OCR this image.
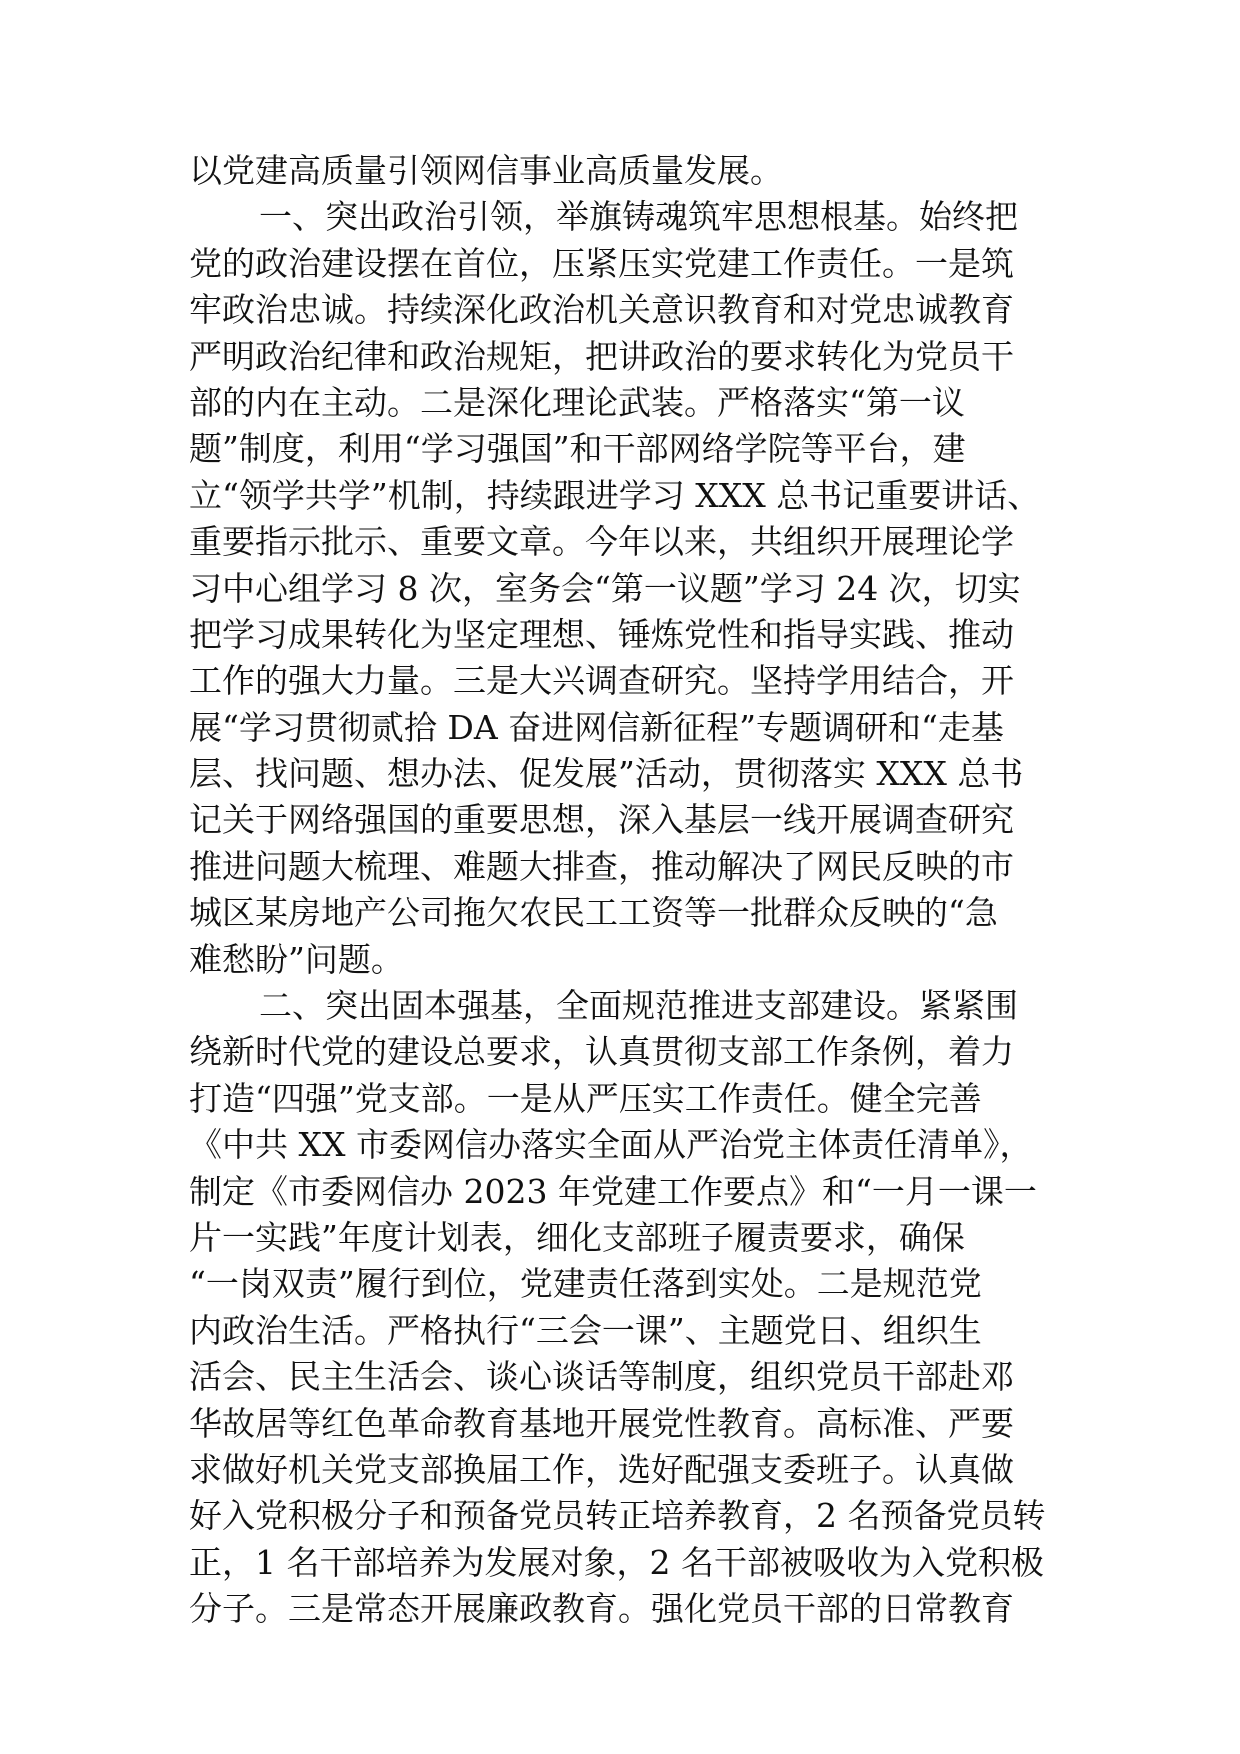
以党建高质量引领网信事业高质量发展。
一、突出政治引领，举旗铸魂筑牢思想根基。始终把
党的政治建设摆在首位，压紧压实党建工作责任。一是筑
牢政治忠诚。持续深化政治机关意识教育和对党忠诚教育
严明政治纪律和政治规矩，把讲政治的要求转化为党员干
部的内在主动。二是深化理论武装。严格落实“第一议
题”制度，利用“学习强国”和干部网络学院等平台，建
立“领学共学”机制，持续跟进学习 XXX 总书记重要讲话、
重要指示批示、重要文章。今年以来，共组织开展理论学
习中心组学习 8 次，室务会“第一议题”学习 24 次，切实
把学习成果转化为坚定理想、锤炼党性和指导实践、推动
工作的强大力量。三是大兴调查研究。坚持学用结合，开
展“学习贯彻贰拾 DA 奋进网信新征程”专题调研和“走基
层、找问题、想办法、促发展”活动，贯彻落实 XXX 总书
记关于网络强国的重要思想，深入基层一线开展调查研究
推进问题大梳理、难题大排查，推动解决了网民反映的市
城区某房地产公司拖欠农民工工资等一批群众反映的“急
难愁盼”问题。
二、突出固本强基，全面规范推进支部建设。紧紧围
绕新时代党的建设总要求，认真贯彻支部工作条例，着力
打造“四强”党支部。一是从严压实工作责任。健全完善
《中共 XX 市委网信办落实全面从严治党主体责任清单》，
制定《市委网信办 2023 年党建工作要点》和“一月一课一
片一实践”年度计划表，细化支部班子履责要求，确保
“一岗双责”履行到位，党建责任落到实处。二是规范党
内政治生活。严格执行“三会一课”、主题党日、组织生
活会、民主生活会、谈心谈话等制度，组织党员干部赴邓
华故居等红色革命教育基地开展党性教育。高标准、严要
求做好机关党支部换届工作，选好配强支委班子。认真做
好入党积极分子和预备党员转正培养教育，2 名预备党员转
正，1 名干部培养为发展对象，2 名干部被吸收为入党积极
分子。三是常态开展廉政教育。强化党员干部的日常教育
